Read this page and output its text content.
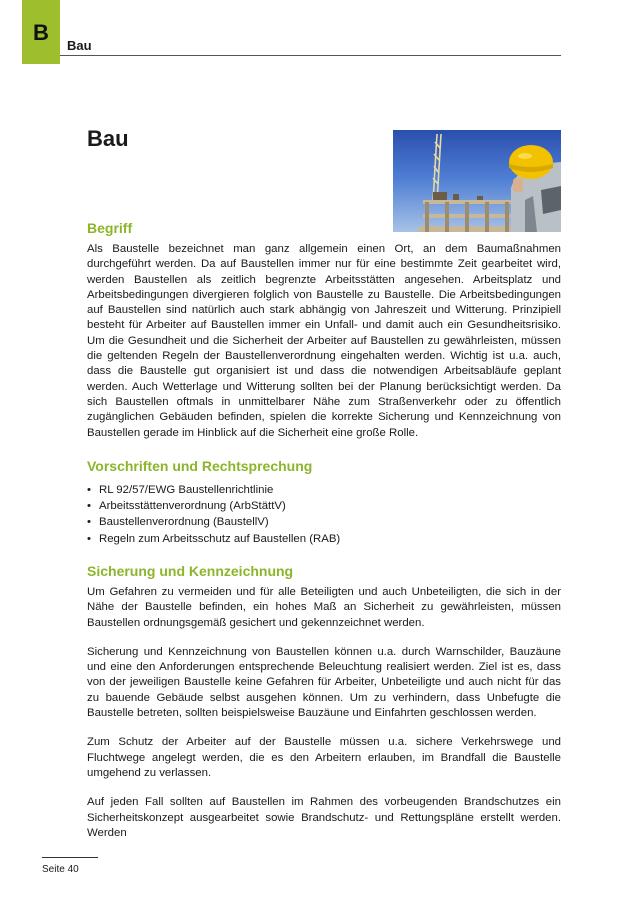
B
Bau
Bau
Begriff

Als Baustelle bezeichnet man ganz allgemein einen Ort, an dem Baumaßnahmen durchgeführt werden. Da auf Baustellen immer nur für eine bestimmte Zeit gearbeitet wird, werden Baustellen als zeitlich begrenzte Arbeitsstätten angesehen. Arbeitsplatz und Arbeitsbedingungen divergieren folglich von Baustelle zu Baustelle. Die Arbeitsbedingungen auf Baustellen sind natürlich auch stark abhängig von Jahreszeit und Witterung. Prinzipiell besteht für Arbeiter auf Baustellen immer ein Unfall- und damit auch ein Gesundheitsrisiko. Um die Gesundheit und die Sicherheit der Arbeiter auf Baustellen zu gewährleisten, müssen die geltenden Regeln der Baustellenverordnung eingehalten werden. Wichtig ist u.a. auch, dass die Baustelle gut organisiert ist und dass die notwendigen Arbeitsabläufe geplant werden. Auch Wetterlage und Witterung sollten bei der Planung berücksichtigt werden. Da sich Baustellen oftmals in unmittelbarer Nähe zum Straßenverkehr oder zu öffentlich zugänglichen Gebäuden befinden, spielen die korrekte Sicherung und Kennzeichnung von Baustellen gerade im Hinblick auf die Sicherheit eine große Rolle.

Vorschriften und Rechtsprechung
• RL 92/57/EWG Baustellenrichtlinie
• Arbeitsstättenverordnung (ArbStättV)
• Baustellenverordnung (BaustellV)
• Regeln zum Arbeitsschutz auf Baustellen (RAB)
Sicherung und Kennzeichnung

Um Gefahren zu vermeiden und für alle Beteiligten und auch Unbeteiligten, die sich in der Nähe der Baustelle befinden, ein hohes Maß an Sicherheit zu gewährleisten, müssen Baustellen ordnungsgemäß gesichert und gekennzeichnet werden.

Sicherung und Kennzeichnung von Baustellen können u.a. durch Warnschilder, Bauzäune und eine den Anforderungen entsprechende Beleuchtung realisiert werden. Ziel ist es, dass von der jeweiligen Baustelle keine Gefahren für Arbeiter, Unbeteiligte und auch nicht für das zu bauende Gebäude selbst ausgehen können. Um zu verhindern, dass Unbefugte die Baustelle betreten, sollten beispielsweise Bauzäune und Einfahrten geschlossen werden.

Zum Schutz der Arbeiter auf der Baustelle müssen u.a. sichere Verkehrswege und Fluchtwege angelegt werden, die es den Arbeitern erlauben, im Brandfall die Baustelle umgehend zu verlassen.

Auf jeden Fall sollten auf Baustellen im Rahmen des vorbeugenden Brandschutzes ein Sicherheitskonzept ausgearbeitet sowie Brandschutz- und Rettungspläne erstellt werden. Werden

Seite 40
